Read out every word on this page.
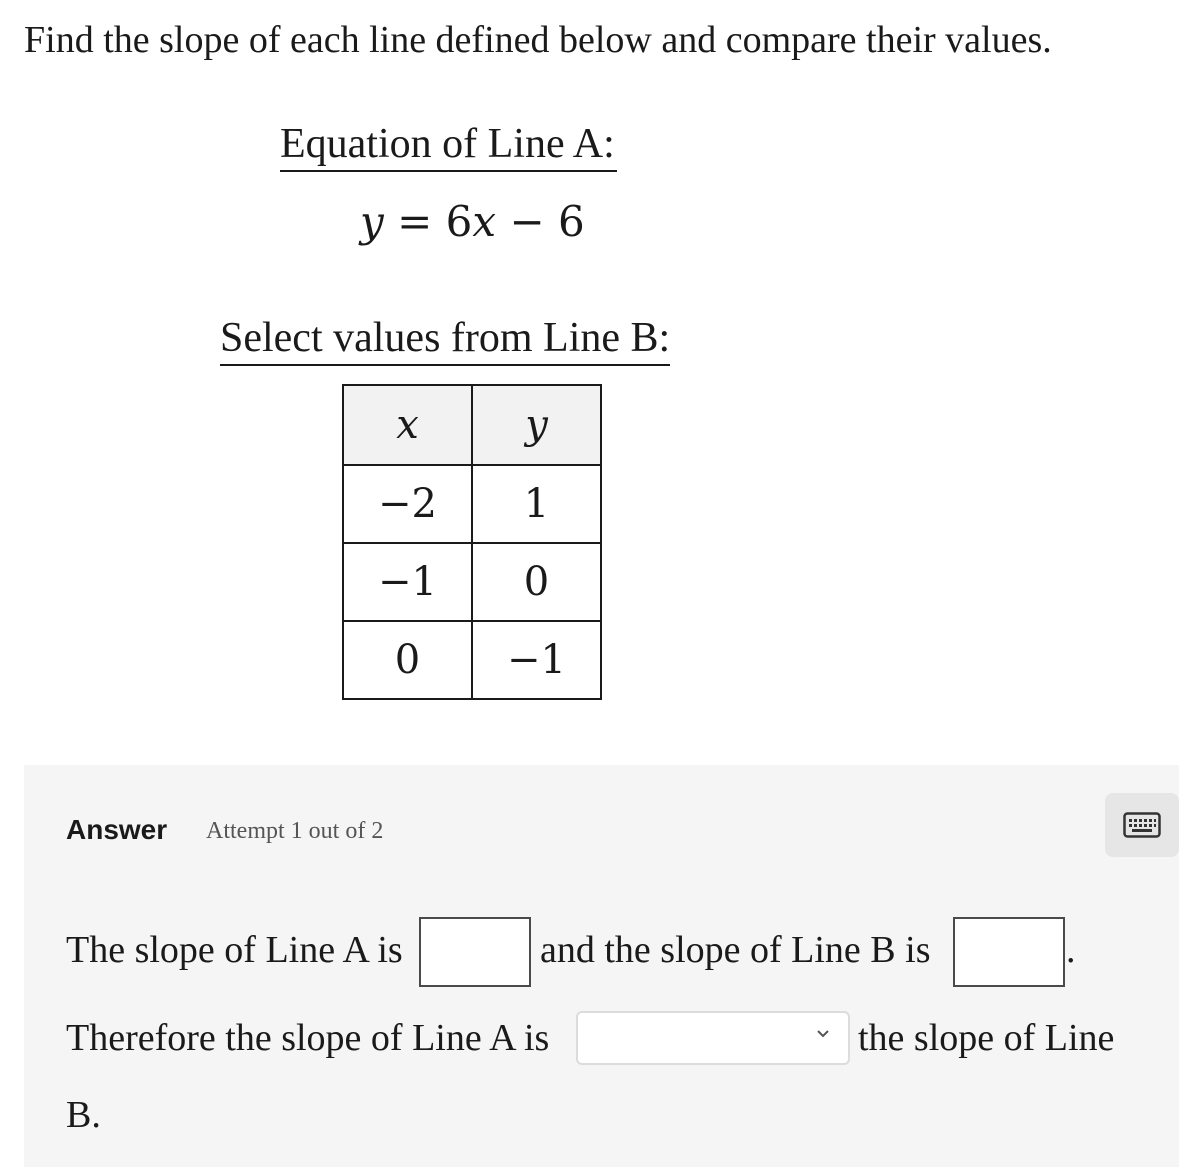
Find the slope of each line defined below and compare their values.
Equation of Line A:
y = 6x − 6
Select values from Line B:
x	y
−2	1
−1	0
0	−1
Answer Attempt 1 out of 2
The slope of Line A is	and the slope of Line B is	.
Therefore the slope of Line A is	the slope of Line
B.
